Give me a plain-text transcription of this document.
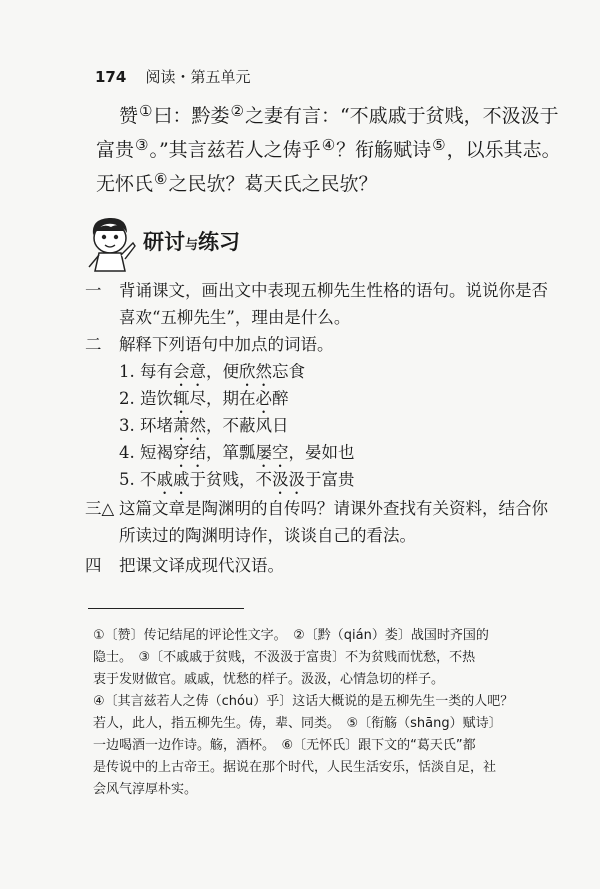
174 阅读・第五单元
赞①曰：黔娄②之妻有言：“不戚戚于贫贱，不汲汲于
富贵③。”其言兹若人之俦乎④？衔觞赋诗⑤，以乐其志。
无怀氏⑥之民欤？葛天氏之民欤？
研讨与练习
一 背诵课文，画出文中表现五柳先生性格的语句。说说你是否
喜欢“五柳先生”，理由是什么。
二 解释下列语句中加点的词语。
1. 每有会意，便欣然忘食
2. 造饮辄尽，期在必醉
3. 环堵萧然，不蔽风日
4. 短褐穿结，箪瓢屡空，晏如也
5. 不戚戚于贫贱，不汲汲于富贵
三△ 这篇文章是陶渊明的自传吗？请课外查找有关资料，结合你
所读过的陶渊明诗作，谈谈自己的看法。
四 把课文译成现代汉语。
①〔赞〕传记结尾的评论性文字。　②〔黔（qián）娄〕战国时齐国的
隐士。　③〔不戚戚于贫贱，不汲汲于富贵〕不为贫贱而忧愁，不热
衷于发财做官。戚戚，忧愁的样子。汲汲，心情急切的样子。
④〔其言兹若人之俦（chóu）乎〕这话大概说的是五柳先生一类的人吧？
若人，此人，指五柳先生。俦，辈、同类。　⑤〔衔觞（shāng）赋诗〕
一边喝酒一边作诗。觞，酒杯。　⑥〔无怀氏〕跟下文的“葛天氏”都
是传说中的上古帝王。据说在那个时代，人民生活安乐，恬淡自足，社
会风气淳厚朴实。
